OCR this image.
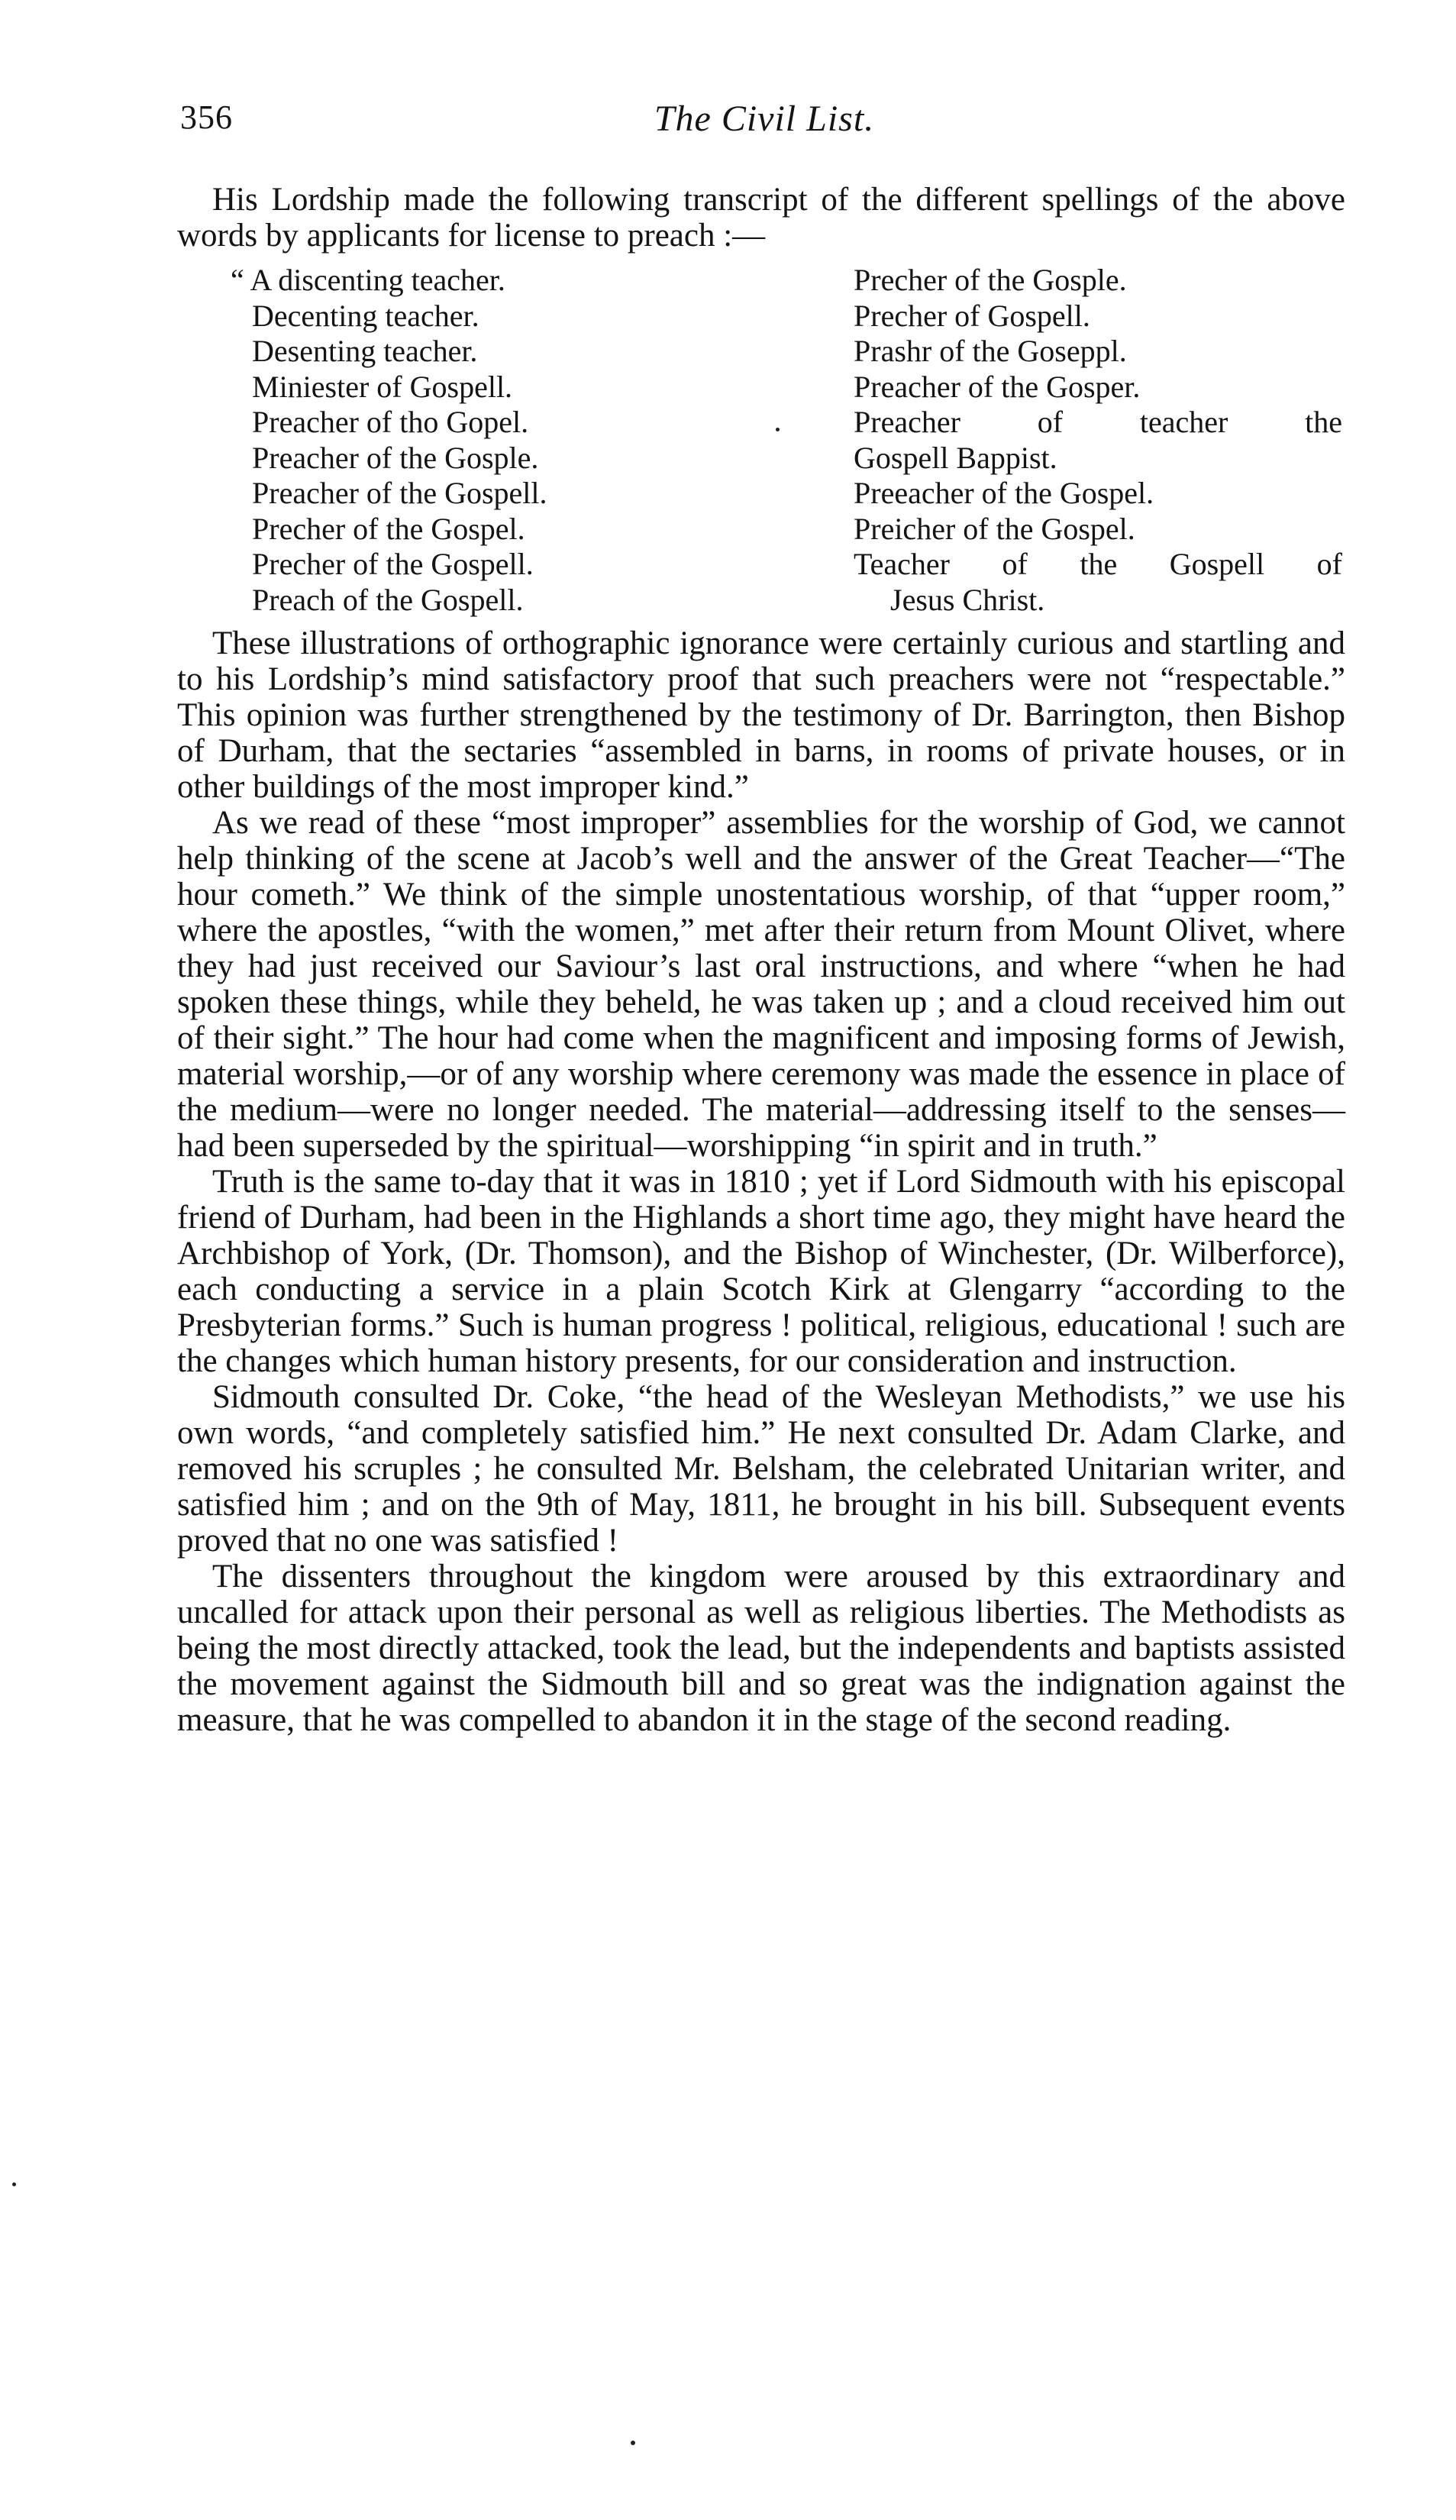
356	The Civil List.

His Lordship made the following transcript of the different spellings of the above words by applicants for license to preach :—

“ A discenting teacher.
Decenting teacher.
Desenting teacher.
Miniester of Gospell.
Preacher of tho Gopel.
Preacher of the Gosple.
Preacher of the Gospell.
Precher of the Gospel.
Precher of the Gospell.
Preach of the Gospell.
Precher of the Gosple.
Precher of Gospell.
Prashr of the Goseppl.
Preacher of the Gosper.
Preacher of teacher the
Gospell Bappist.
Preeacher of the Gospel.
Preicher of the Gospel.
Teacher of the Gospell of
Jesus Christ.

These illustrations of orthographic ignorance were certainly curious and startling and to his Lordship’s mind satisfactory proof that such preachers were not “respectable.” This opinion was further strengthened by the testimony of Dr. Barrington, then Bishop of Durham, that the sectaries “assembled in barns, in rooms of private houses, or in other buildings of the most improper kind.”

As we read of these “most improper” assemblies for the worship of God, we cannot help thinking of the scene at Jacob’s well and the answer of the Great Teacher—“The hour cometh.” We think of the simple unostentatious worship, of that “upper room,” where the apostles, “with the women,” met after their return from Mount Olivet, where they had just received our Saviour’s last oral instructions, and where “when he had spoken these things, while they beheld, he was taken up ; and a cloud received him out of their sight.” The hour had come when the magnificent and imposing forms of Jewish, material worship,—or of any worship where ceremony was made the essence in place of the medium—were no longer needed. The material—addressing itself to the senses—had been superseded by the spiritual—worshipping “in spirit and in truth.”

Truth is the same to-day that it was in 1810 ; yet if Lord Sidmouth with his episcopal friend of Durham, had been in the Highlands a short time ago, they might have heard the Archbishop of York, (Dr. Thomson), and the Bishop of Winchester, (Dr. Wilberforce), each conducting a service in a plain Scotch Kirk at Glengarry “according to the Presbyterian forms.” Such is human progress ! political, religious, educational ! such are the changes which human history presents, for our consideration and instruction.

Sidmouth consulted Dr. Coke, “the head of the Wesleyan Methodists,” we use his own words, “and completely satisfied him.” He next consulted Dr. Adam Clarke, and removed his scruples ; he consulted Mr. Belsham, the celebrated Unitarian writer, and satisfied him ; and on the 9th of May, 1811, he brought in his bill. Subsequent events proved that no one was satisfied !

The dissenters throughout the kingdom were aroused by this extraordinary and uncalled for attack upon their personal as well as religious liberties. The Methodists as being the most directly attacked, took the lead, but the independents and baptists assisted the movement against the Sidmouth bill and so great was the indignation against the measure, that he was compelled to abandon it in the stage of the second reading.
